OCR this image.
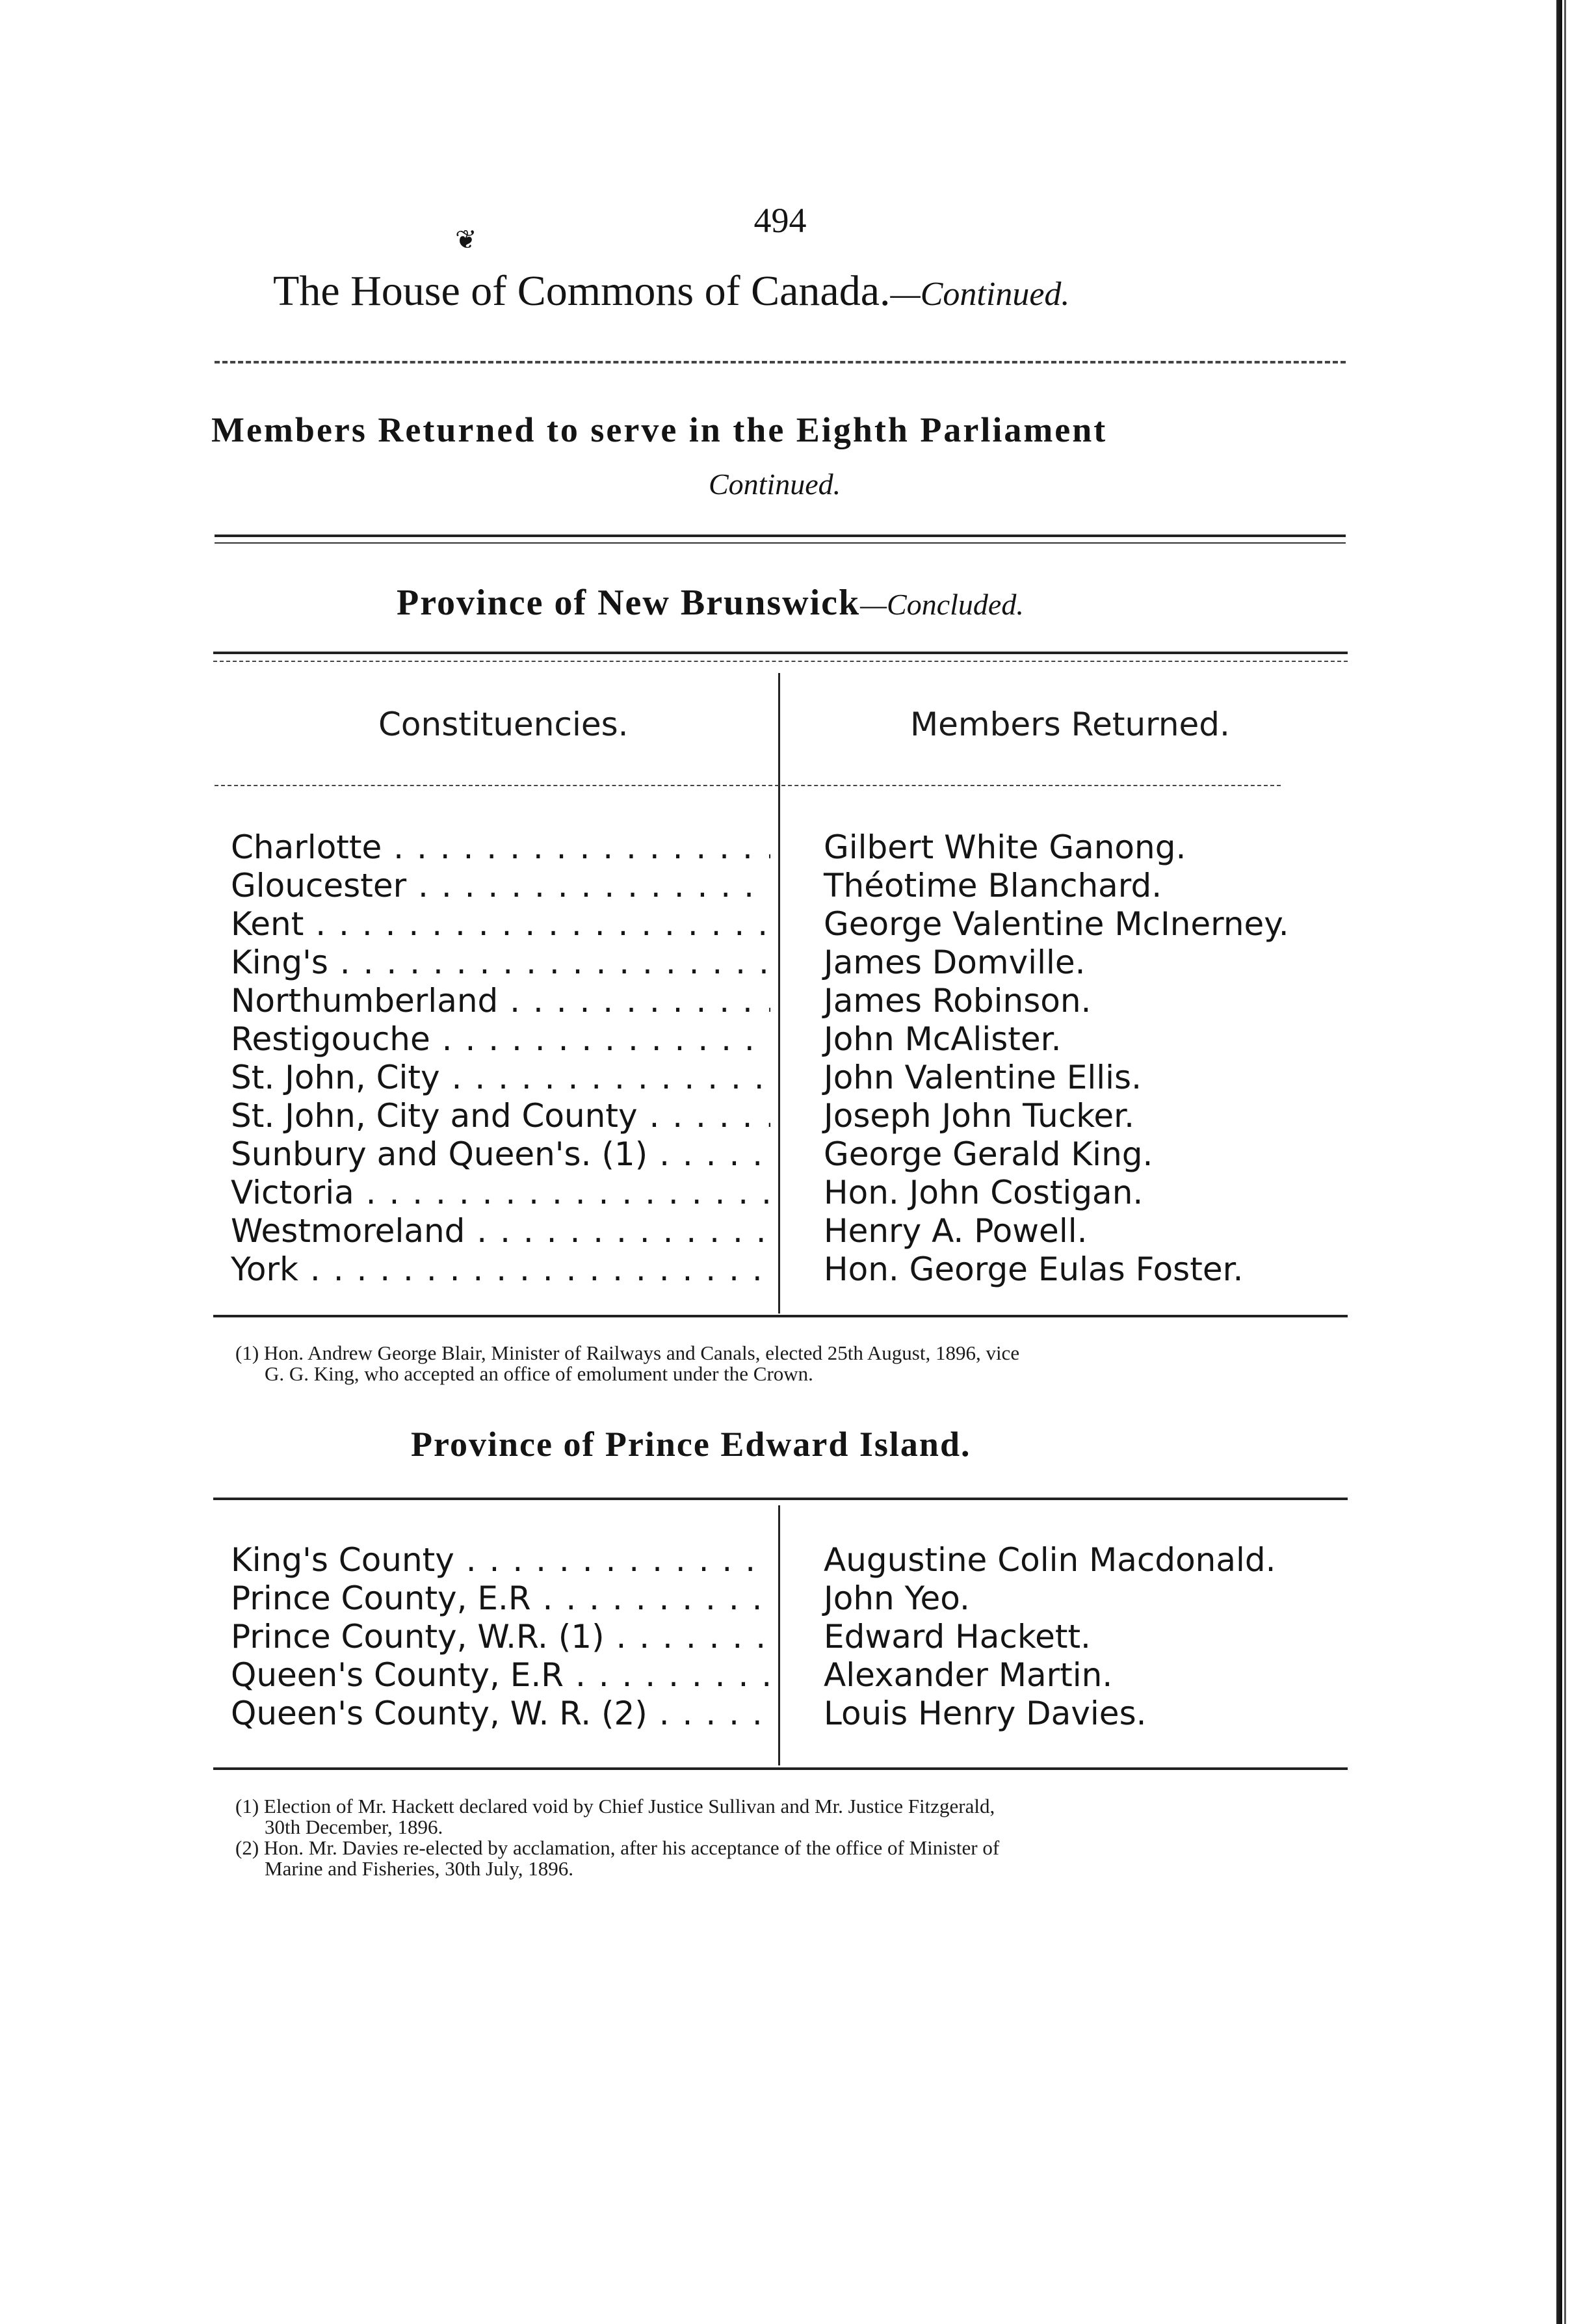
❦	494
The House of Commons of Canada.—Continued.
Members Returned to serve in the Eighth Parliament
Continued.
Province of New Brunswick—Concluded.
Constituencies.	Members Returned.
Charlotte . . .	Gilbert White Ganong.
Gloucester . . .	Théotime Blanchard.
Kent . . .	George Valentine McInerney.
King's . . .	James Domville.
Northumberland . . .	James Robinson.
Restigouche . . .	John McAlister.
St. John, City . . .	John Valentine Ellis.
St. John, City and County . . .	Joseph John Tucker.
Sunbury and Queen's. (1) . . .	George Gerald King.
Victoria . . .	Hon. John Costigan.
Westmoreland . . .	Henry A. Powell.
York . . .	Hon. George Eulas Foster.
(1) Hon. Andrew George Blair, Minister of Railways and Canals, elected 25th August, 1896, vice
G. G. King, who accepted an office of emolument under the Crown.
Province of Prince Edward Island.
King's County . . .	Augustine Colin Macdonald.
Prince County, E.R . . .	John Yeo.
Prince County, W.R. (1) . . .	Edward Hackett.
Queen's County, E.R . . .	Alexander Martin.
Queen's County, W. R. (2) . . .	Louis Henry Davies.
(1) Election of Mr. Hackett declared void by Chief Justice Sullivan and Mr. Justice Fitzgerald,
30th December, 1896.
(2) Hon. Mr. Davies re-elected by acclamation, after his acceptance of the office of Minister of
Marine and Fisheries, 30th July, 1896.
